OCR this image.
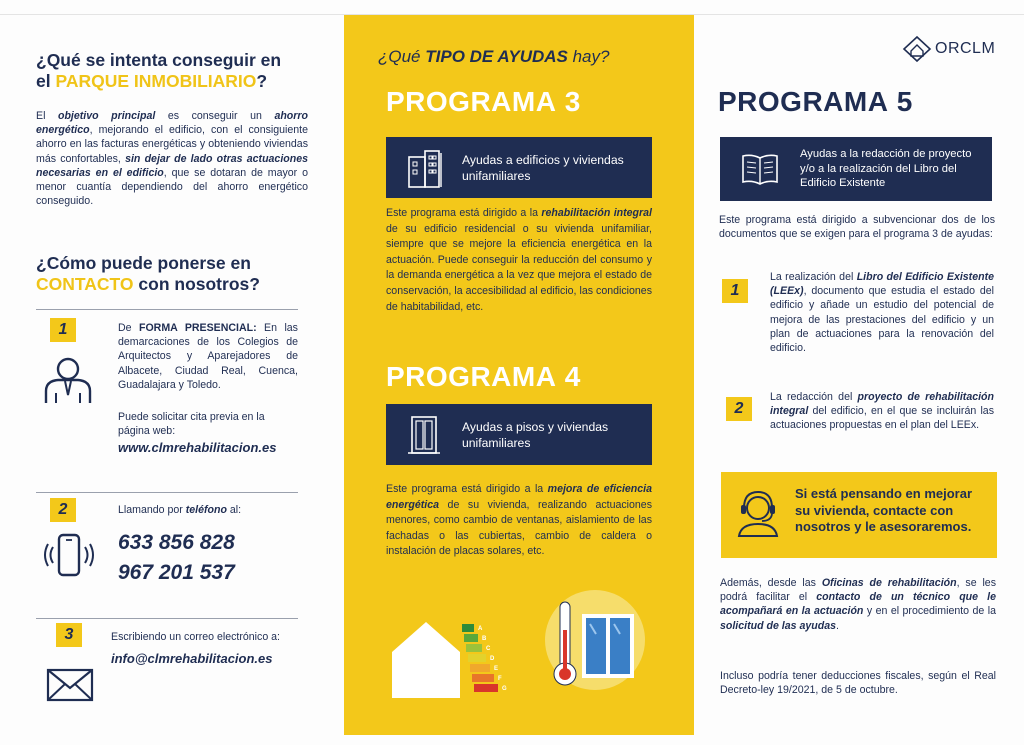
¿Qué se intenta conseguir en
el PARQUE INMOBILIARIO?
El objetivo principal es conseguir un ahorro energético, mejorando el edificio, con el consiguiente ahorro en las facturas energéticas y obteniendo viviendas más confortables, sin dejar de lado otras actuaciones necesarias en el edificio, que se dotaran de mayor o menor cuantía dependiendo del ahorro energético conseguido.
¿Cómo puede ponerse en
CONTACTO con nosotros?
1	De FORMA PRESENCIAL: En las demarcaciones de los Colegios de Arquitectos y Aparejadores de Albacete, Ciudad Real, Cuenca, Guadalajara y Toledo.
Puede solicitar cita previa en la página web:
www.clmrehabilitacion.es
2	Llamando por teléfono al:
633 856 828
967 201 537
3	Escribiendo un correo electrónico a:
info@clmrehabilitacion.es
¿Qué TIPO DE AYUDAS hay?
PROGRAMA 3
Ayudas a edificios y viviendas unifamiliares
Este programa está dirigido a la rehabilitación integral de su edificio residencial o su vivienda unifamiliar, siempre que se mejore la eficiencia energética en la actuación. Puede conseguir la reducción del consumo y la demanda energética a la vez que mejora el estado de conservación, la accesibilidad al edificio, las condiciones de habitabilidad, etc.
PROGRAMA 4
Ayudas a pisos y viviendas unifamiliares
Este programa está dirigido a la mejora de eficiencia energética de su vivienda, realizando actuaciones menores, como cambio de ventanas, aislamiento de las fachadas o las cubiertas, cambio de caldera o instalación de placas solares, etc.
A
B
C
D
E
F
G
ORCLM
PROGRAMA 5
Ayudas a la redacción de proyecto y/o a la realización del Libro del Edificio Existente
Este programa está dirigido a subvencionar dos de los documentos que se exigen para el programa 3 de ayudas:
1
La realización del Libro del Edificio Existente (LEEx), documento que estudia el estado del edificio y añade un estudio del potencial de mejora de las prestaciones del edificio y un plan de actuaciones para la renovación del edificio.
2
La redacción del proyecto de rehabilitación integral del edificio, en el que se incluirán las actuaciones propuestas en el plan del LEEx.
Si está pensando en mejorar su vivienda, contacte con nosotros y le asesoraremos.
Además, desde las Oficinas de rehabilitación, se les podrá facilitar el contacto de un técnico que le acompañará en la actuación y en el procedimiento de la solicitud de las ayudas.
Incluso podría tener deducciones fiscales, según el Real Decreto-ley 19/2021, de 5 de octubre.
